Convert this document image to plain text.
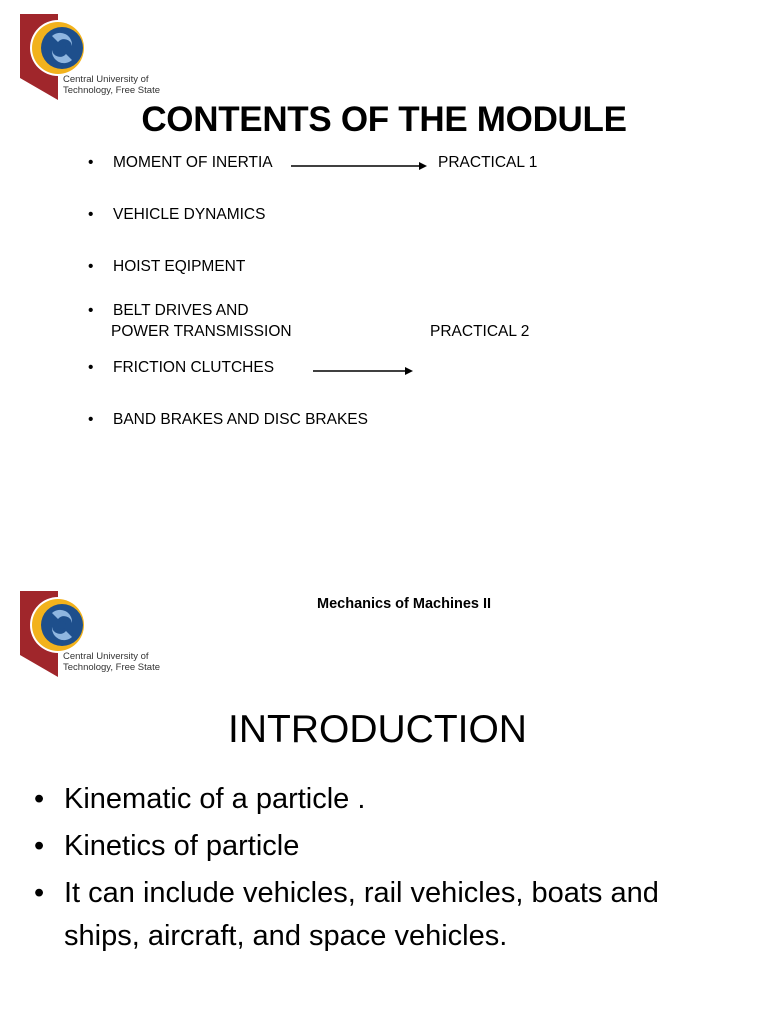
Central University of
Technology, Free State
CONTENTS OF THE MODULE
• MOMENT OF INERTIA	PRACTICAL 1
• VEHICLE DYNAMICS
• HOIST EQIPMENT
• BELT DRIVES AND
POWER TRANSMISSION	PRACTICAL 2
• FRICTION CLUTCHES
• BAND BRAKES AND DISC BRAKES
Central University of
Technology, Free State
Mechanics of Machines II
INTRODUCTION
• Kinematic of a particle .
• Kinetics of particle
• It can include vehicles, rail vehicles, boats and ships, aircraft, and space vehicles.
